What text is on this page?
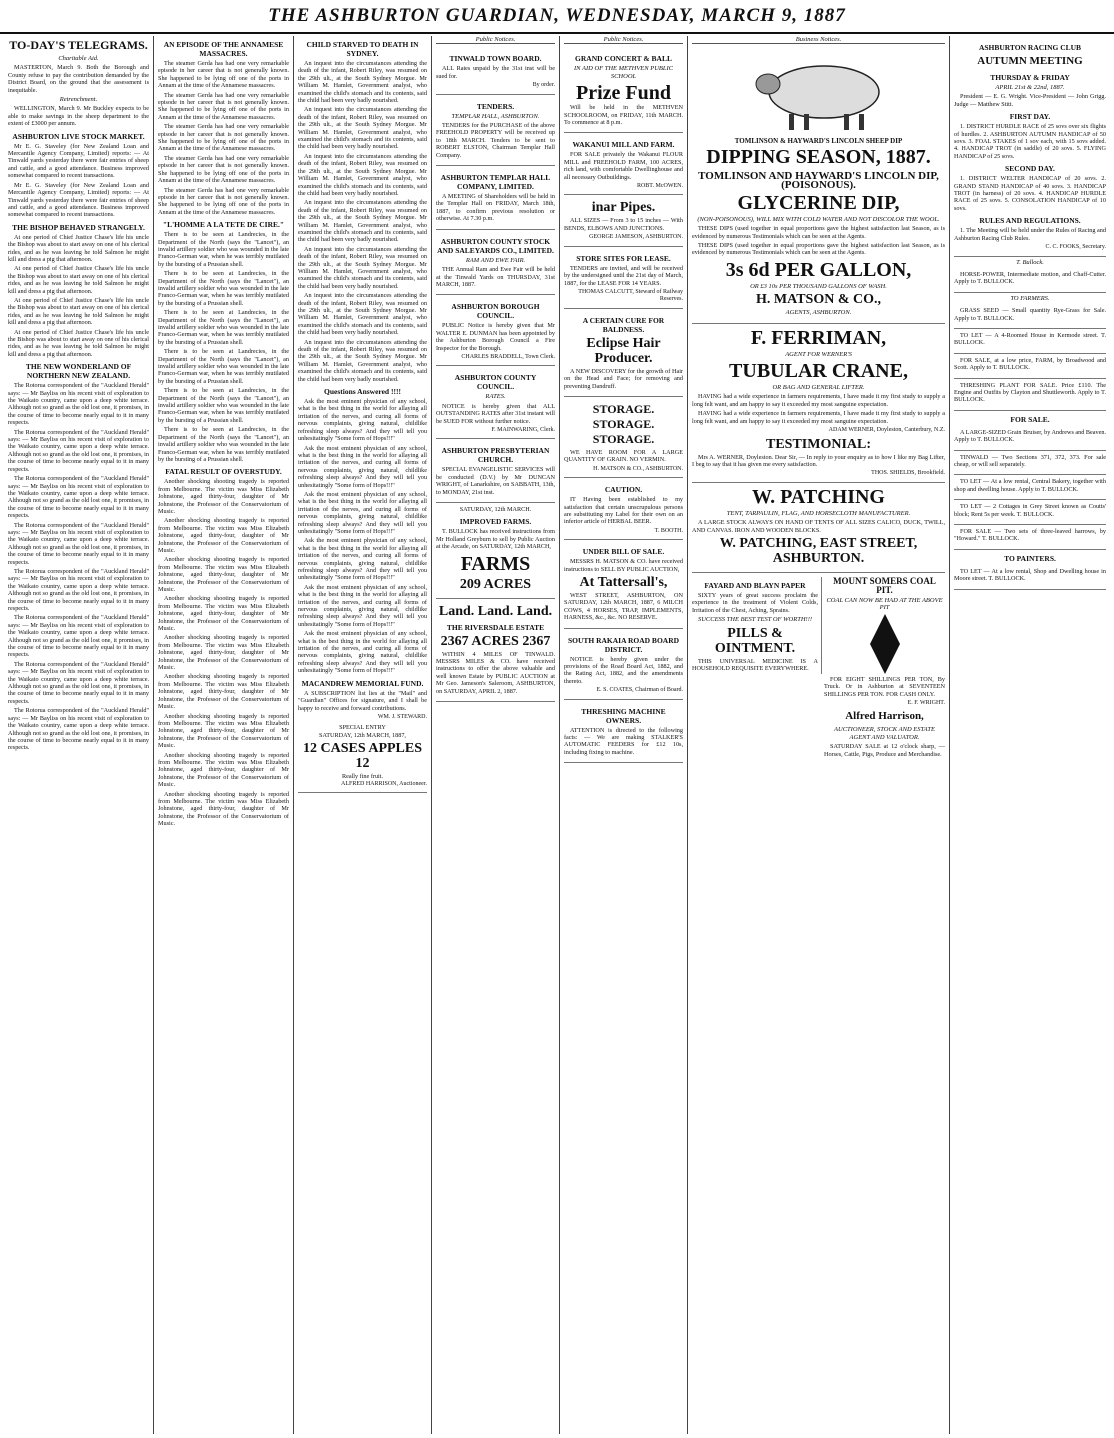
THE ASHBURTON GUARDIAN, WEDNESDAY, MARCH 9, 1887
TO-DAY'S TELEGRAMS.
Charitable Aid.

MASTERTON, March 9. Both the Borough and County refuse to pay the contribution demanded by the District Board, on the ground that the assessment is inequitable.

Retrenchment.

WELLINGTON, March 9. Mr Buckley expects to be able to make savings in the sheep department to the extent of £3000 per annum.

ASHBURTON LIVE STOCK MARKET.

Mr E. G. Staveley (for New Zealand Loan and Mercantile Agency Company, Limited) reports: — At Tinwald yards yesterday there were fair entries of sheep and cattle, and a good attendance. Business improved somewhat compared to recent transactions.

Mr E. G. Staveley (for New Zealand Loan and Mercantile Agency Company, Limited) reports: — At Tinwald yards yesterday there were fair entries of sheep and cattle, and a good attendance. Business improved somewhat compared to recent transactions.

THE BISHOP BEHAVED STRANGELY.

At one period of Chief Justice Chase's life his uncle the Bishop was about to start away on one of his clerical rides, and as he was leaving he told Salmon he might kill and dress a pig that afternoon.

At one period of Chief Justice Chase's life his uncle the Bishop was about to start away on one of his clerical rides, and as he was leaving he told Salmon he might kill and dress a pig that afternoon.

At one period of Chief Justice Chase's life his uncle the Bishop was about to start away on one of his clerical rides, and as he was leaving he told Salmon he might kill and dress a pig that afternoon.

At one period of Chief Justice Chase's life his uncle the Bishop was about to start away on one of his clerical rides, and as he was leaving he told Salmon he might kill and dress a pig that afternoon.

THE NEW WONDERLAND OF NORTHERN NEW ZEALAND.

The Rotorua correspondent of the "Auckland Herald" says: — Mr Bayliss on his recent visit of exploration to the Waikato country, came upon a deep white terrace. Although not so grand as the old lost one, it promises, in the course of time to become nearly equal to it in many respects.

The Rotorua correspondent of the "Auckland Herald" says: — Mr Bayliss on his recent visit of exploration to the Waikato country, came upon a deep white terrace. Although not so grand as the old lost one, it promises, in the course of time to become nearly equal to it in many respects.

The Rotorua correspondent of the "Auckland Herald" says: — Mr Bayliss on his recent visit of exploration to the Waikato country, came upon a deep white terrace. Although not so grand as the old lost one, it promises, in the course of time to become nearly equal to it in many respects.

The Rotorua correspondent of the "Auckland Herald" says: — Mr Bayliss on his recent visit of exploration to the Waikato country, came upon a deep white terrace. Although not so grand as the old lost one, it promises, in the course of time to become nearly equal to it in many respects.

The Rotorua correspondent of the "Auckland Herald" says: — Mr Bayliss on his recent visit of exploration to the Waikato country, came upon a deep white terrace. Although not so grand as the old lost one, it promises, in the course of time to become nearly equal to it in many respects.

The Rotorua correspondent of the "Auckland Herald" says: — Mr Bayliss on his recent visit of exploration to the Waikato country, came upon a deep white terrace. Although not so grand as the old lost one, it promises, in the course of time to become nearly equal to it in many respects.

The Rotorua correspondent of the "Auckland Herald" says: — Mr Bayliss on his recent visit of exploration to the Waikato country, came upon a deep white terrace. Although not so grand as the old lost one, it promises, in the course of time to become nearly equal to it in many respects.

The Rotorua correspondent of the "Auckland Herald" says: — Mr Bayliss on his recent visit of exploration to the Waikato country, came upon a deep white terrace. Although not so grand as the old lost one, it promises, in the course of time to become nearly equal to it in many respects.

AN EPISODE OF THE ANNAMESE MASSACRES.

The steamer Gerda has had one very remarkable episode in her career that is not generally known. She happened to be lying off one of the ports in Annam at the time of the Annamese massacres.

The steamer Gerda has had one very remarkable episode in her career that is not generally known. She happened to be lying off one of the ports in Annam at the time of the Annamese massacres.

The steamer Gerda has had one very remarkable episode in her career that is not generally known. She happened to be lying off one of the ports in Annam at the time of the Annamese massacres.

The steamer Gerda has had one very remarkable episode in her career that is not generally known. She happened to be lying off one of the ports in Annam at the time of the Annamese massacres.

The steamer Gerda has had one very remarkable episode in her career that is not generally known. She happened to be lying off one of the ports in Annam at the time of the Annamese massacres.

"L'HOMME A LA TETE DE CIRE."

There is to be seen at Landrecies, in the Department of the North (says the "Lancet"), an invalid artillery soldier who was wounded in the late Franco-German war, when he was terribly mutilated by the bursting of a Prussian shell.

There is to be seen at Landrecies, in the Department of the North (says the "Lancet"), an invalid artillery soldier who was wounded in the late Franco-German war, when he was terribly mutilated by the bursting of a Prussian shell.

There is to be seen at Landrecies, in the Department of the North (says the "Lancet"), an invalid artillery soldier who was wounded in the late Franco-German war, when he was terribly mutilated by the bursting of a Prussian shell.

There is to be seen at Landrecies, in the Department of the North (says the "Lancet"), an invalid artillery soldier who was wounded in the late Franco-German war, when he was terribly mutilated by the bursting of a Prussian shell.

There is to be seen at Landrecies, in the Department of the North (says the "Lancet"), an invalid artillery soldier who was wounded in the late Franco-German war, when he was terribly mutilated by the bursting of a Prussian shell.

There is to be seen at Landrecies, in the Department of the North (says the "Lancet"), an invalid artillery soldier who was wounded in the late Franco-German war, when he was terribly mutilated by the bursting of a Prussian shell.

FATAL RESULT OF OVERSTUDY.

Another shocking shooting tragedy is reported from Melbourne. The victim was Miss Elizabeth Johnstone, aged thirty-four, daughter of Mr Johnstone, the Professor of the Conservatorium of Music.

Another shocking shooting tragedy is reported from Melbourne. The victim was Miss Elizabeth Johnstone, aged thirty-four, daughter of Mr Johnstone, the Professor of the Conservatorium of Music.

Another shocking shooting tragedy is reported from Melbourne. The victim was Miss Elizabeth Johnstone, aged thirty-four, daughter of Mr Johnstone, the Professor of the Conservatorium of Music.

Another shocking shooting tragedy is reported from Melbourne. The victim was Miss Elizabeth Johnstone, aged thirty-four, daughter of Mr Johnstone, the Professor of the Conservatorium of Music.

Another shocking shooting tragedy is reported from Melbourne. The victim was Miss Elizabeth Johnstone, aged thirty-four, daughter of Mr Johnstone, the Professor of the Conservatorium of Music.

Another shocking shooting tragedy is reported from Melbourne. The victim was Miss Elizabeth Johnstone, aged thirty-four, daughter of Mr Johnstone, the Professor of the Conservatorium of Music.

Another shocking shooting tragedy is reported from Melbourne. The victim was Miss Elizabeth Johnstone, aged thirty-four, daughter of Mr Johnstone, the Professor of the Conservatorium of Music.

Another shocking shooting tragedy is reported from Melbourne. The victim was Miss Elizabeth Johnstone, aged thirty-four, daughter of Mr Johnstone, the Professor of the Conservatorium of Music.

Another shocking shooting tragedy is reported from Melbourne. The victim was Miss Elizabeth Johnstone, aged thirty-four, daughter of Mr Johnstone, the Professor of the Conservatorium of Music.

CHILD STARVED TO DEATH IN SYDNEY.

An inquest into the circumstances attending the death of the infant, Robert Riley, was resumed on the 29th ult., at the South Sydney Morgue. Mr William M. Hamlet, Government analyst, who examined the child's stomach and its contents, said the child had been very badly nourished.

An inquest into the circumstances attending the death of the infant, Robert Riley, was resumed on the 29th ult., at the South Sydney Morgue. Mr William M. Hamlet, Government analyst, who examined the child's stomach and its contents, said the child had been very badly nourished.

An inquest into the circumstances attending the death of the infant, Robert Riley, was resumed on the 29th ult., at the South Sydney Morgue. Mr William M. Hamlet, Government analyst, who examined the child's stomach and its contents, said the child had been very badly nourished.

An inquest into the circumstances attending the death of the infant, Robert Riley, was resumed on the 29th ult., at the South Sydney Morgue. Mr William M. Hamlet, Government analyst, who examined the child's stomach and its contents, said the child had been very badly nourished.

An inquest into the circumstances attending the death of the infant, Robert Riley, was resumed on the 29th ult., at the South Sydney Morgue. Mr William M. Hamlet, Government analyst, who examined the child's stomach and its contents, said the child had been very badly nourished.

An inquest into the circumstances attending the death of the infant, Robert Riley, was resumed on the 29th ult., at the South Sydney Morgue. Mr William M. Hamlet, Government analyst, who examined the child's stomach and its contents, said the child had been very badly nourished.

An inquest into the circumstances attending the death of the infant, Robert Riley, was resumed on the 29th ult., at the South Sydney Morgue. Mr William M. Hamlet, Government analyst, who examined the child's stomach and its contents, said the child had been very badly nourished.

Questions Answered !!!!

Ask the most eminent physician of any school, what is the best thing in the world for allaying all irritation of the nerves, and curing all forms of nervous complaints, giving natural, childlike refreshing sleep always? And they will tell you unhesitatingly "Some form of Hops!!!"

Ask the most eminent physician of any school, what is the best thing in the world for allaying all irritation of the nerves, and curing all forms of nervous complaints, giving natural, childlike refreshing sleep always? And they will tell you unhesitatingly "Some form of Hops!!!"

Ask the most eminent physician of any school, what is the best thing in the world for allaying all irritation of the nerves, and curing all forms of nervous complaints, giving natural, childlike refreshing sleep always? And they will tell you unhesitatingly "Some form of Hops!!!"

Ask the most eminent physician of any school, what is the best thing in the world for allaying all irritation of the nerves, and curing all forms of nervous complaints, giving natural, childlike refreshing sleep always? And they will tell you unhesitatingly "Some form of Hops!!!"

Ask the most eminent physician of any school, what is the best thing in the world for allaying all irritation of the nerves, and curing all forms of nervous complaints, giving natural, childlike refreshing sleep always? And they will tell you unhesitatingly "Some form of Hops!!!"

Ask the most eminent physician of any school, what is the best thing in the world for allaying all irritation of the nerves, and curing all forms of nervous complaints, giving natural, childlike refreshing sleep always? And they will tell you unhesitatingly "Some form of Hops!!!"

MACANDREW MEMORIAL FUND.

A SUBSCRIPTION list lies at the "Mail" and "Guardian" Offices for signature, and I shall be happy to receive and forward contributions.

WM. J. STEWARD.
SPECIAL ENTRY
SATURDAY, 12th MARCH, 1887,
12 CASES APPLES 12
Really fine fruit.
ALFRED HARRISON, Auctioneer.
Public Notices.
TINWALD TOWN BOARD.

ALL Rates unpaid by the 31st inst will be sued for.

By order.
TENDERS.
TEMPLAR HALL, ASHBURTON.

TENDERS for the PURCHASE of the above FREEHOLD PROPERTY will be received up to 18th MARCH. Tenders to be sent to ROBERT ELSTON, Chairman Templar Hall Company.

ASHBURTON TEMPLAR HALL COMPANY, LIMITED.

A MEETING of Shareholders will be held in the Templar Hall on FRIDAY, March 18th, 1887, to confirm previous resolution or otherwise. At 7.30 p.m.

ASHBURTON COUNTY STOCK AND SALEYARDS CO., LIMITED.
RAM AND EWE FAIR.

THE Annual Ram and Ewe Fair will be held at the Tinwald Yards on THURSDAY, 31st MARCH, 1887.

ASHBURTON BOROUGH COUNCIL.

PUBLIC Notice is hereby given that Mr WALTER E. DUNMAN has been appointed by the Ashburton Borough Council a Fire Inspector for the Borough.

CHARLES BRADDELL, Town Clerk.
ASHBURTON COUNTY COUNCIL.
RATES.

NOTICE is hereby given that ALL OUTSTANDING RATES after 31st instant will be SUED FOR without further notice.

F. MAINWARING, Clerk.
ASHBURTON PRESBYTERIAN CHURCH.

SPECIAL EVANGELISTIC SERVICES will be conducted (D.V.) by Mr DUNCAN WRIGHT, of Lanarkshire, on SABBATH, 13th, to MONDAY, 21st inst.

SATURDAY, 12th MARCH.
IMPROVED FARMS.

T. BULLOCK has received instructions from Mr Holland Greyburn to sell by Public Auction at the Arcade, on SATURDAY, 12th MARCH,

FARMS
209 ACRES
Land. Land. Land.
THE RIVERSDALE ESTATE
2367 ACRES 2367

WITHIN 4 MILES OF TINWALD. MESSRS MILES & CO. have received instructions to offer the above valuable and well known Estate by PUBLIC AUCTION at Mr Geo. Jameson's Saleroom, ASHBURTON, on SATURDAY, APRIL 2, 1887.

Public Notices.
GRAND CONCERT & BALL
IN AID OF THE METHVEN PUBLIC SCHOOL
Prize Fund

Will be held in the METHVEN SCHOOLROOM, on FRIDAY, 11th MARCH. To commence at 8 p.m.

WAKANUI MILL AND FARM.

FOR SALE privately the Wakanui FLOUR MILL and FREEHOLD FARM, 100 ACRES, rich land, with comfortable Dwellinghouse and all necessary Outbuildings.

ROBT. McOWEN.
inar Pipes.

ALL SIZES — From 3 to 15 inches — With BENDS, ELBOWS AND JUNCTIONS.

GEORGE JAMESON, ASHBURTON.
STORE SITES FOR LEASE.

TENDERS are invited, and will be received by the undersigned until the 21st day of March, 1887, for the LEASE FOR 14 YEARS.

THOMAS CALCUTT, Steward of Railway Reserves.
A CERTAIN CURE FOR BALDNESS.
Eclipse Hair Producer.

A NEW DISCOVERY for the growth of Hair on the Head and Face; for removing and preventing Dandruff.

STORAGE. STORAGE. STORAGE.

WE HAVE ROOM FOR A LARGE QUANTITY OF GRAIN. NO VERMIN.

H. MATSON & CO., ASHBURTON.
CAUTION.

IT Having been established to my satisfaction that certain unscrupulous persons are substituting my Label for their own on an inferior article of HERBAL BEER.

T. BOOTH.
UNDER BILL OF SALE.

MESSRS H. MATSON & CO. have received instructions to SELL BY PUBLIC AUCTION,

At Tattersall's,

WEST STREET, ASHBURTON, ON SATURDAY, 12th MARCH, 1887, 6 MILCH COWS, 4 HORSES, TRAP, IMPLEMENTS, HARNESS, &c., &c. NO RESERVE.

SOUTH RAKAIA ROAD BOARD DISTRICT.

NOTICE is hereby given under the provisions of the Road Board Act, 1882, and the Rating Act, 1882, and the amendments thereto.

E. S. COATES, Chairman of Board.
THRESHING MACHINE OWNERS.

ATTENTION is directed to the following facts: — We are making STALKER'S AUTOMATIC FEEDERS for £12 10s, including fixing to machine.

Business Notices.
TOMLINSON & HAYWARD'S LINCOLN SHEEP DIP
DIPPING SEASON, 1887.
TOMLINSON AND HAYWARD'S LINCOLN DIP, (POISONOUS).
GLYCERINE DIP,
(NON-POISONOUS), WILL MIX WITH COLD WATER AND NOT DISCOLOR THE WOOL.

THESE DIPS (used together in equal proportions gave the highest satisfaction last Season, as is evidenced by numerous Testimonials which can be seen at the Agents.

THESE DIPS (used together in equal proportions gave the highest satisfaction last Season, as is evidenced by numerous Testimonials which can be seen at the Agents.

3s 6d PER GALLON,
OR £3 10s PER THOUSAND GALLONS OF WASH.
H. MATSON & CO.,
AGENTS, ASHBURTON.
F. FERRIMAN,
AGENT FOR WERNER'S
TUBULAR CRANE,
OR BAG AND GENERAL LIFTER.

HAVING had a wide experience in farmers requirements, I have made it my first study to supply a long felt want, and am happy to say it exceeded my most sanguine expectation.

HAVING had a wide experience in farmers requirements, I have made it my first study to supply a long felt want, and am happy to say it exceeded my most sanguine expectation.

ADAM WERNER, Doyleston, Canterbury, N.Z.
TESTIMONIAL:

Mrs A. WERNER, Doyleston. Dear Sir, — In reply to your enquiry as to how I like my Bag Lifter, I beg to say that it has given me every satisfaction.

THOS. SHIELDS, Brookfield.
W. PATCHING
TENT, TARPAULIN, FLAG, AND HORSECLOTH MANUFACTURER.

A LARGE STOCK ALWAYS ON HAND OF TENTS OF ALL SIZES CALICO, DUCK, TWILL, AND CANVAS. IRON AND WOODEN BLOCKS.

W. PATCHING, EAST STREET, ASHBURTON.
FAYARD AND BLAYN PAPER

SIXTY years of great success proclaim the experience in the treatment of Violent Colds, Irritation of the Chest, Aching, Sprains.

SUCCESS THE BEST TEST OF WORTH!!!
PILLS & OINTMENT.

THIS UNIVERSAL MEDICINE IS A HOUSEHOLD REQUISITE EVERYWHERE.

MOUNT SOMERS COAL PIT.
COAL CAN NOW BE HAD AT THE ABOVE PIT

FOR EIGHT SHILLINGS PER TON, By Truck. Or in Ashburton at SEVENTEEN SHILLINGS PER TON. FOR CASH ONLY.

E. F. WRIGHT.
Alfred Harrison,
AUCTIONEER, STOCK AND ESTATE AGENT AND VALUATOR.

SATURDAY SALE at 12 o'clock sharp, — Horses, Cattle, Pigs, Produce and Merchandise.

ASHBURTON RACING CLUB
AUTUMN MEETING
THURSDAY & FRIDAY
APRIL 21st & 22nd, 1887.

President — E. G. Wright. Vice-President — John Grigg. Judge — Matthew Stitt.

FIRST DAY.

1. DISTRICT HURDLE RACE of 25 sovs over six flights of hurdles. 2. ASHBURTON AUTUMN HANDICAP of 50 sovs. 3. FOAL STAKES of 1 sov each, with 15 sovs added. 4. HANDICAP TROT (in saddle) of 20 sovs. 5. FLYING HANDICAP of 25 sovs.

SECOND DAY.

1. DISTRICT WELTER HANDICAP of 20 sovs. 2. GRAND STAND HANDICAP of 40 sovs. 3. HANDICAP TROT (in harness) of 20 sovs. 4. HANDICAP HURDLE RACE of 25 sovs. 5. CONSOLATION HANDICAP of 10 sovs.

RULES AND REGULATIONS.

1. The Meeting will be held under the Rules of Racing and Ashburton Racing Club Rules.

C. C. FOOKS, Secretary.
T. Bullock.

HORSE-POWER, Intermediate motion, and Chaff-Cutter. Apply to T. BULLOCK.

TO FARMERS.

GRASS SEED — Small quantity Rye-Grass for Sale. Apply to T. BULLOCK.

TO LET — A 4-Roomed House in Kermode street. T. BULLOCK.

FOR SALE, at a low price, FARM, by Broadwood and Scott. Apply to T. BULLOCK.

THRESHING PLANT FOR SALE. Price £110. The Engine and Outfits by Clayton and Shuttleworth. Apply to T. BULLOCK.

FOR SALE.

A LARGE-SIZED Grain Bruiser, by Andrews and Beaven. Apply to T. BULLOCK.

TINWALD — Two Sections 371, 372, 373. For sale cheap, or will sell separately.

TO LET — At a low rental, Central Bakery, together with shop and dwelling house. Apply to T. BULLOCK.

TO LET — 2 Cottages in Grey Street known as Coutts' block; Rent 5s per week. T. BULLOCK.

FOR SALE — Two sets of three-leaved harrows, by "Howard." T. BULLOCK.

TO PAINTERS.

TO LET — At a low rental, Shop and Dwelling house in Moore street. T. BULLOCK.
